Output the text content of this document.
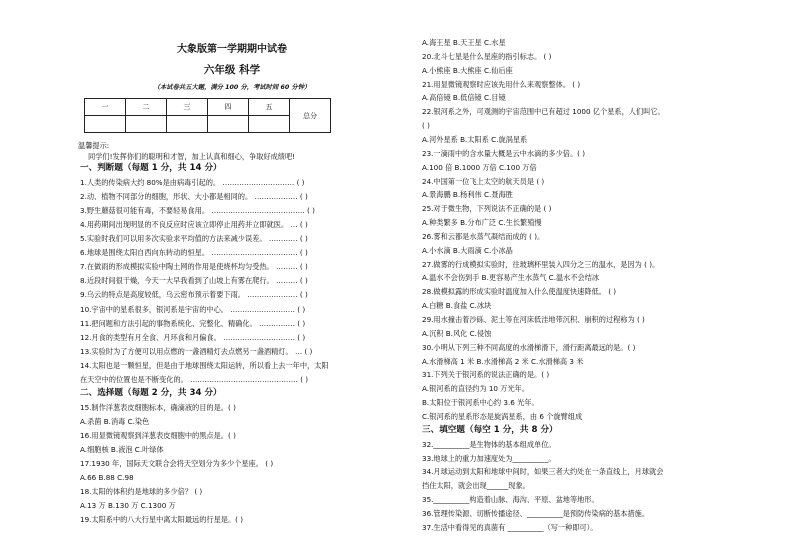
大象版第一学期期中试卷
六年级 科学
（本试卷共五大题，满分 100 分，考试时间 60 分钟）
一	二	三	四	五	总分

温馨提示:
同学们!发挥你们的聪明和才智，加上认真和细心，争取好成绩吧!
一、判断题（每题 1 分，共 14 分）
1.人类的传染病大约 80%是由病毒引起的。 ………………………… ( )
2.动、植物不同部分的细胞，形状、大小都是相同的。 ……………… ( )
3.野生蘑菇很可能有毒，不要轻易食用。 ………………………………… ( )
4.用药期间出现明显的不良反应时应该立即停止用药并立即就医。 … ( )
5.实验时我们可以用多次实验求平均值的方法来减少误差。 ………… ( )
6.地球是围绕太阳自西向东转动的恒星。 ……………………………… ( )
7.在做雨的形成模拟实验中陶土网的作用是使烧杯均匀受热。 ……… ( )
8.近段时间很干燥，今天一大早我看到了山坡上有雾在爬行。 ……… ( )
9.乌云的特点是高度较低，乌云密布预示着要下雨。 ………………… ( )
10.宇宙中的星系很多，银河系是宇宙的中心。 ……………………… ( )
11.把问题和方法引起的事物系统化、完整化、精确化。 …………… ( )
12.月食的类型有月全食、月环食和月偏食。 ………………………… ( )
13.实验时为了方便可以用点燃的一盏酒精灯去点燃另一盏酒精灯。 … ( )
14.太阳也是一颗恒星，但是由于地球围绕太阳运转，所以看上去一年中，太阳
在天空中的位置也是不断变化的。 ……………………………………… ( )
二、选择题（每题 2 分，共 34 分）
15.制作洋葱表皮细胞标本，确滴液的目的是。( )
A.杀菌 B.消毒 C.染色
16.用显微镜观察到洋葱表皮细胞中的黑点是。( )
A.细胞核 B.液泡 C.叶绿体
17.1930 年，国际天文联合会将天空划分为多少个星座。 ( )
A.66 B.88 C.98
18.太阳的体积约是地球的多少倍？ ( )
A.13 万 B.130 万 C.1300 万
19.太阳系中的八大行星中离太阳最远的行星是。( )
A.海王星 B.天王星 C.水星
20.北斗七星是什么星座的指引标志。 ( )
A.小熊座 B.大熊座 C.仙后座
21.用显微镜观察时应该先用什么来观察整体。 ( )
A.高倍镜 B.低倍镜 C.目镜
22.银河系之外，可观测的宇宙范围中已有超过 1000 亿个星系，人们叫它。
( )
A.河外星系 B.太阳系 C.旋涡星系
23.一滴雨中的含水量大概是云中水滴的多少倍。( )
A.100 倍 B.1000 万倍 C.100 万倍
24.中国第一位飞上太空的航天员是 ( )
A.景海鹏 B.杨利伟 C.聂海胜
25.对于微生物，下列说法不正确的是 ( )
A.种类繁多 B.分布广泛 C.生长繁殖慢
26.雾和云都是水蒸气凝结而成的 ( )。
A.小水滴 B.大雨滴 C.小冰晶
27.做雾的行成模拟实验时，往玻璃杯里装入四分之三的温水，是因为 ( )。
A.温水不会伤到手 B.更容易产生水蒸气 C.温水不会结冰
28.做模拟露的形成实验时温度加入什么使温度快速降低。 ( )
A.白糖 B.食盐 C.冰块
29.用水撞击着沙砾、泥土等在河床低洼地带沉积、崩积的过程称为 ( )
A.沉积 B.风化 C.侵蚀
30.小明从下列三种不同高度的水滑梯滑下，滑行距离最远的是。( )
A.水滑梯高 1 米 B.水滑梯高 2 米 C.水滑梯高 3 米
31.下列关于银河系的说法正确的是。( )
A.银河系的直径约为 10 万光年。
B.太阳位于银河系中心约 3.6 光年。
C.银河系的星系形态是旋涡星系，由 6 个旋臂组成
三、填空题（每空 1 分，共 8 分）
32.__________是生物体的基本组成单位。
33.地球上的重力加速度处为__________。
34.月球运动到太阳和地球中间时，如果三者大约处在一条直线上，月球就会
挡住太阳，就会出现______现象。
35.__________构造着山脉、海沟、平原、盆地等地形。
36.管理传染源、切断传播途径、__________是预防传染病的基本措施。
37.生活中看得见的真菌有 __________（写一种即可）。
